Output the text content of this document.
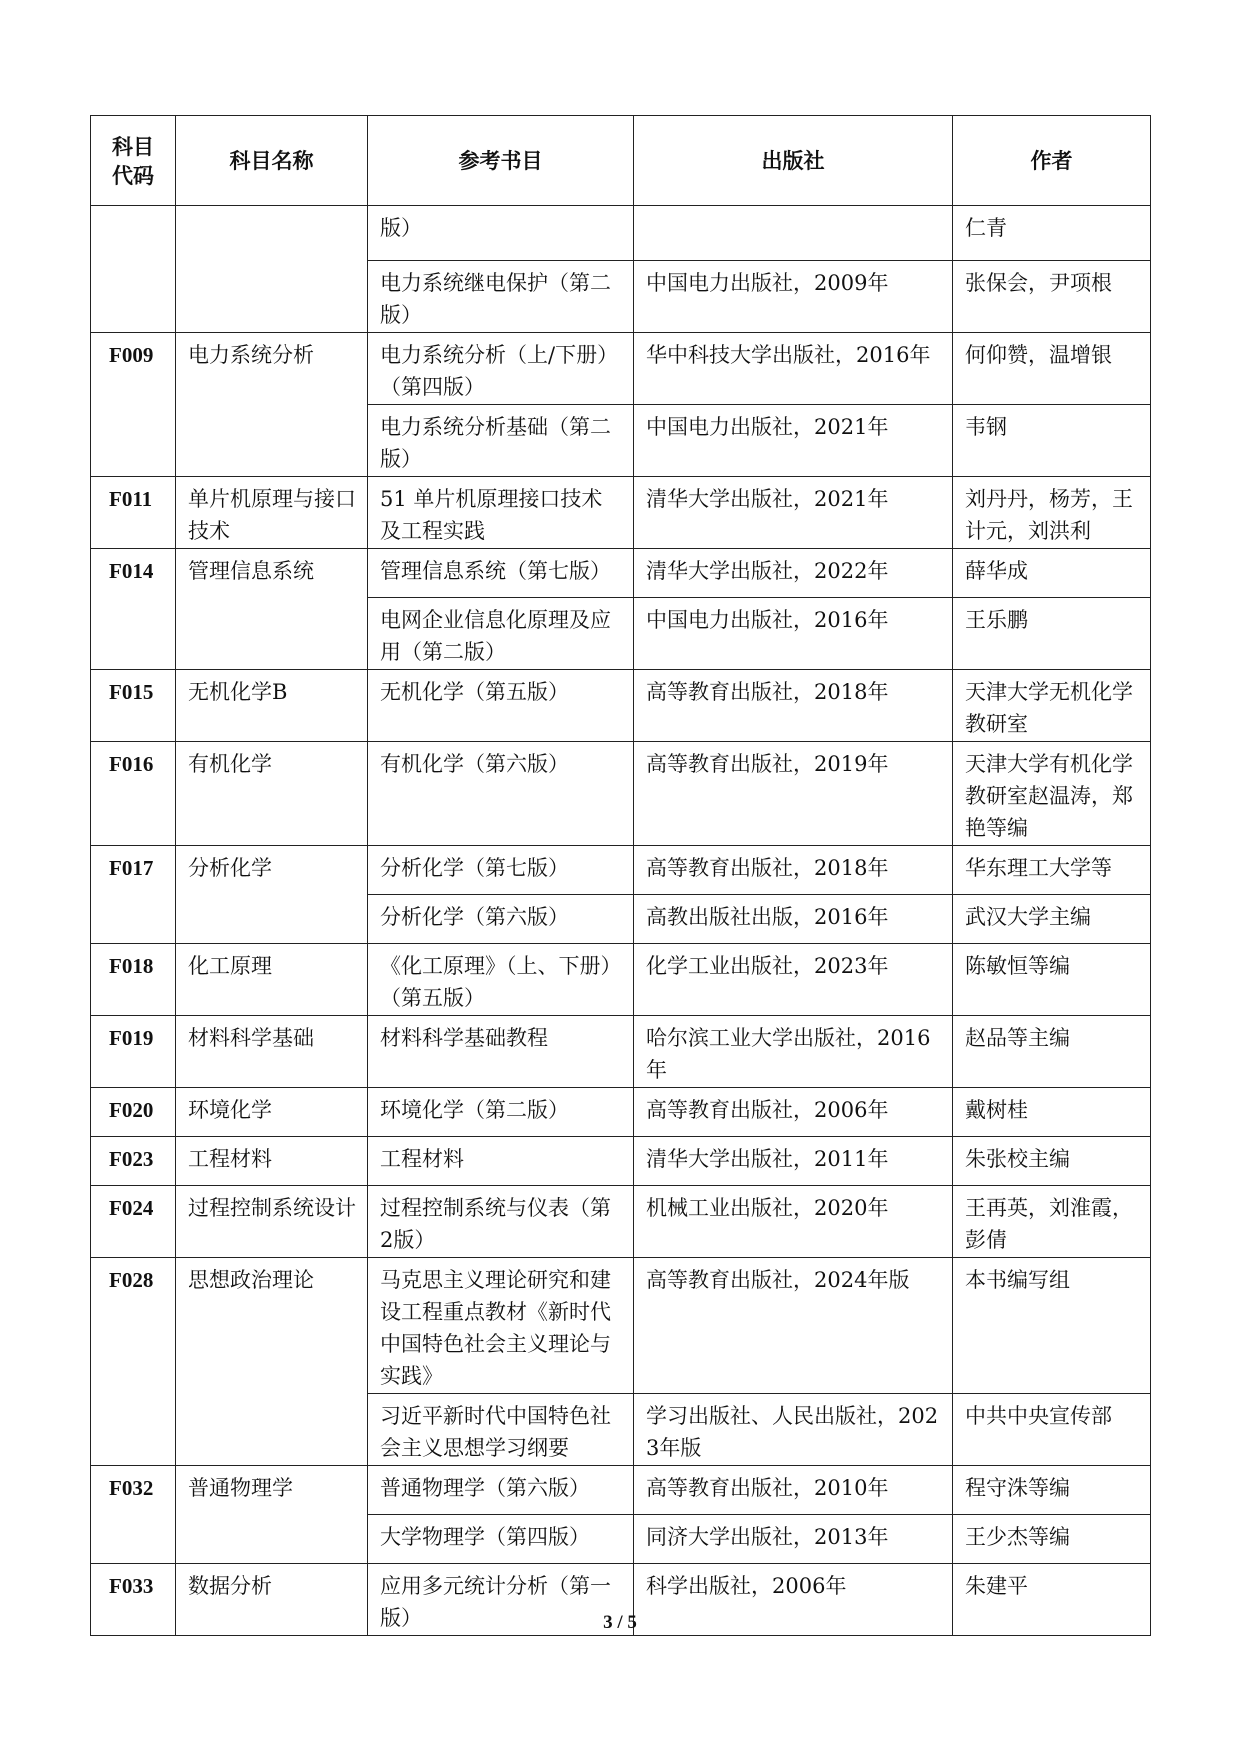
科目
代码	科目名称	参考书目	出版社	作者
		版）		仁青
		电力系统继电保护（第二版）	中国电力出版社，2009年	张保会，尹项根
F009	电力系统分析	电力系统分析（上/下册）（第四版）	华中科技大学出版社，2016年	何仰赞，温增银
		电力系统分析基础（第二版）	中国电力出版社，2021年	韦钢
F011	单片机原理与接口技术	51 单片机原理接口技术及工程实践	清华大学出版社，2021年	刘丹丹，杨芳，王计元，刘洪利
F014	管理信息系统	管理信息系统（第七版）	清华大学出版社，2022年	薛华成
		电网企业信息化原理及应用（第二版）	中国电力出版社，2016年	王乐鹏
F015	无机化学B	无机化学（第五版）	高等教育出版社，2018年	天津大学无机化学教研室
F016	有机化学	有机化学（第六版）	高等教育出版社，2019年	天津大学有机化学教研室赵温涛，郑艳等编
F017	分析化学	分析化学（第七版）	高等教育出版社，2018年	华东理工大学等
		分析化学（第六版）	高教出版社出版，2016年	武汉大学主编
F018	化工原理	《化工原理》（上、下册）（第五版）	化学工业出版社，2023年	陈敏恒等编
F019	材料科学基础	材料科学基础教程	哈尔滨工业大学出版社，2016年	赵品等主编
F020	环境化学	环境化学（第二版）	高等教育出版社，2006年	戴树桂
F023	工程材料	工程材料	清华大学出版社，2011年	朱张校主编
F024	过程控制系统设计	过程控制系统与仪表（第2版）	机械工业出版社，2020年	王再英，刘淮霞，彭倩
F028	思想政治理论	马克思主义理论研究和建设工程重点教材《新时代中国特色社会主义理论与实践》	高等教育出版社，2024年版	本书编写组
		习近平新时代中国特色社会主义思想学习纲要	学习出版社、人民出版社，2023年版	中共中央宣传部
F032	普通物理学	普通物理学（第六版）	高等教育出版社，2010年	程守洙等编
		大学物理学（第四版）	同济大学出版社，2013年	王少杰等编
F033	数据分析	应用多元统计分析（第一版）	科学出版社，2006年	朱建平
3 / 5
